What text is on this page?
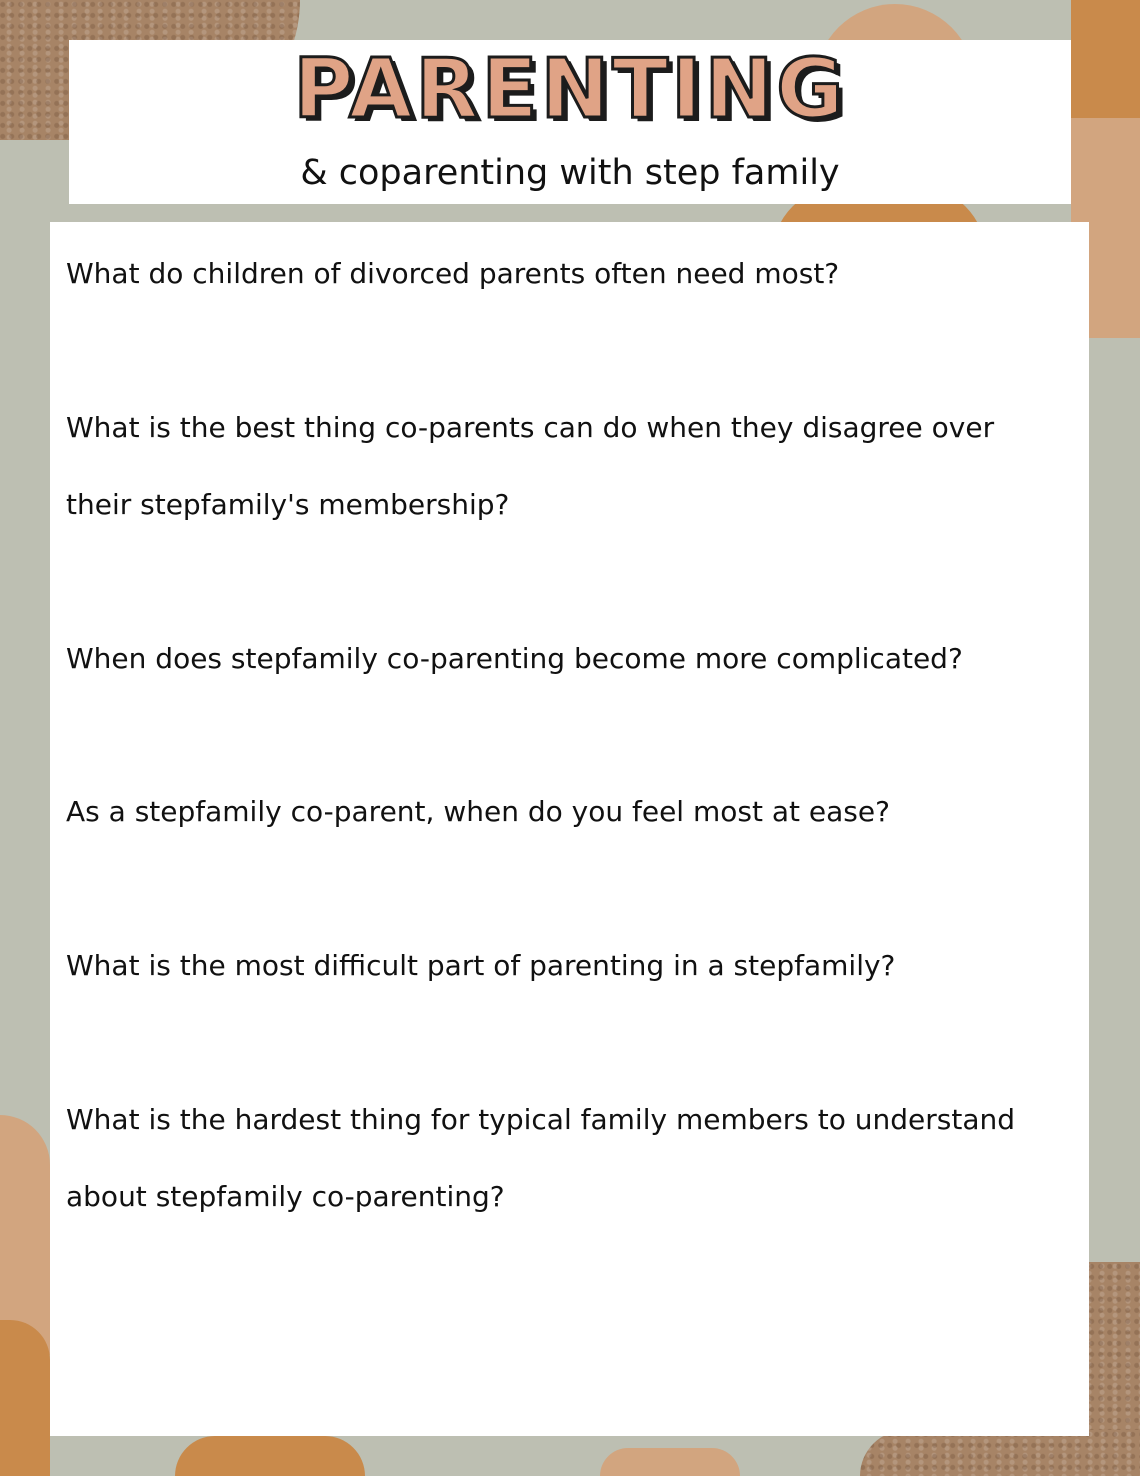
PARENTING
& coparenting with step family

What do children of divorced parents often need most?

What is the best thing co-parents can do when they disagree over their stepfamily's membership?

When does stepfamily co-parenting become more complicated?

As a stepfamily co-parent, when do you feel most at ease?

What is the most difficult part of parenting in a stepfamily?

What is the hardest thing for typical family members to understand about stepfamily co-parenting?
